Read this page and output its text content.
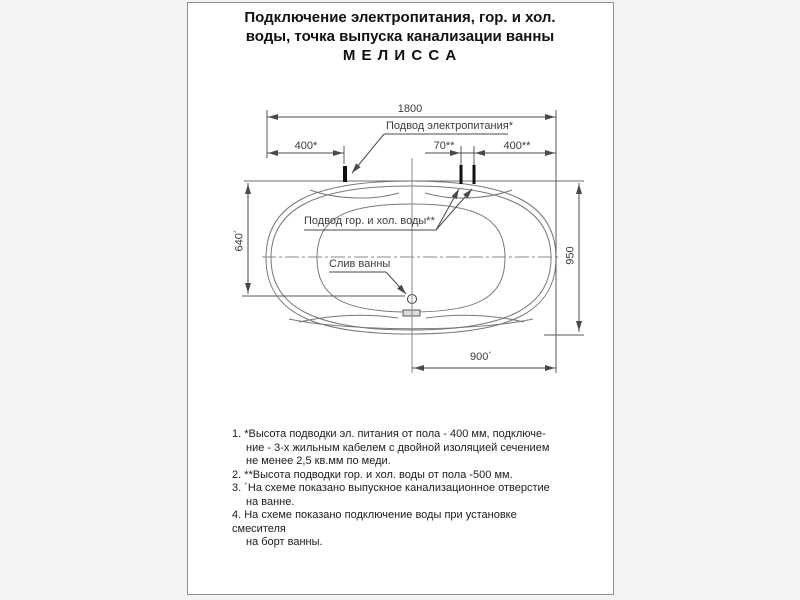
Подключение электропитания, гор. и хол.
воды, точка выпуска канализации ванны
М Е Л И С С А
1800
Подвод электропитания*
400*	70**	400**
640´
950
900´
Подвод гор. и хол. воды**
Слив ванны
1. *Высота подводки эл. питания от пола - 400 мм, подключе-
ние - 3-х жильным кабелем с двойной изоляцией сечением
не менее 2,5 кв.мм по меди.
2. **Высота подводки гор. и хол. воды от пола -500 мм.
3. ´На схеме показано выпускное канализационное отверстие
на ванне.
4. На схеме показано подключение воды при установке смесителя
на борт ванны.
